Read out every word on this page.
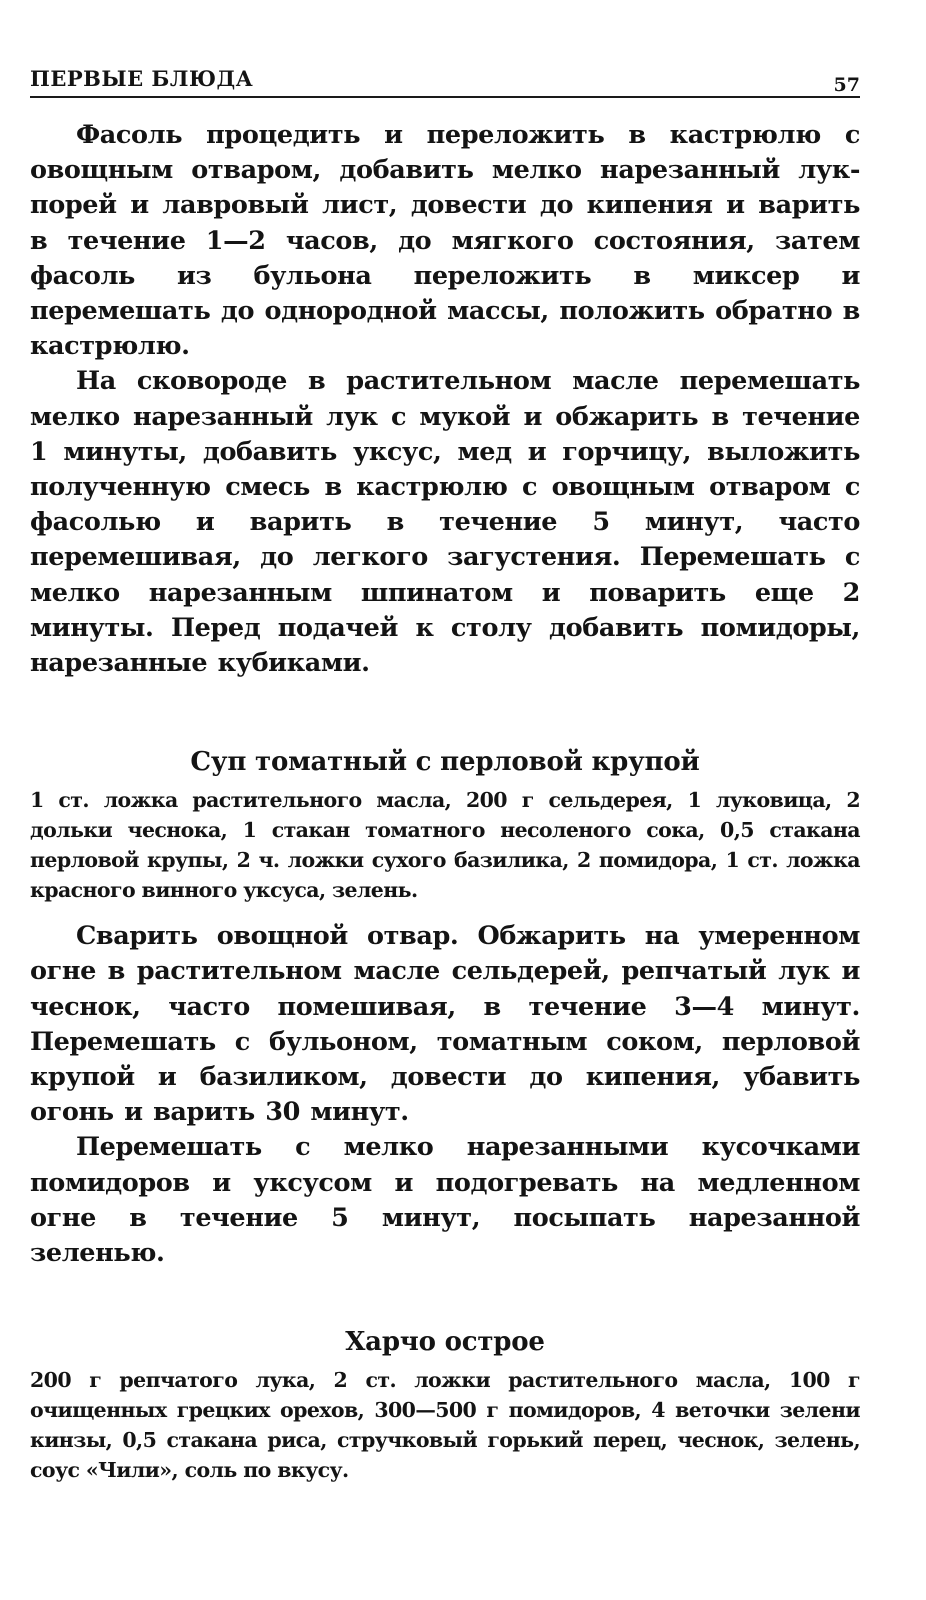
ПЕРВЫЕ БЛЮДА	57

Фасоль процедить и переложить в кастрюлю с овощным отваром, добавить мелко нарезанный лук-порей и лавровый лист, довести до кипения и варить в течение 1—2 часов, до мягкого состояния, затем фасоль из бульона переложить в миксер и перемешать до однородной массы, положить обратно в кастрюлю.

На сковороде в растительном масле перемешать мелко нарезанный лук с мукой и обжарить в течение 1 минуты, добавить уксус, мед и горчицу, выложить полученную смесь в кастрюлю с овощным отваром с фасолью и варить в течение 5 минут, часто перемешивая, до легкого загустения. Перемешать с мелко нарезанным шпинатом и поварить еще 2 минуты. Перед подачей к столу добавить помидоры, нарезанные кубиками.

Суп томатный с перловой крупой

1 ст. ложка растительного масла, 200 г сельдерея, 1 луковица, 2 дольки чеснока, 1 стакан томатного несоленого сока, 0,5 стакана перловой крупы, 2 ч. ложки сухого базилика, 2 помидора, 1 ст. ложка красного винного уксуса, зелень.

Сварить овощной отвар. Обжарить на умеренном огне в растительном масле сельдерей, репчатый лук и чеснок, часто помешивая, в течение 3—4 минут. Перемешать с бульоном, томатным соком, перловой крупой и базиликом, довести до кипения, убавить огонь и варить 30 минут.

Перемешать с мелко нарезанными кусочками помидоров и уксусом и подогревать на медленном огне в течение 5 минут, посыпать нарезанной зеленью.

Харчо острое

200 г репчатого лука, 2 ст. ложки растительного масла, 100 г очищенных грецких орехов, 300—500 г помидоров, 4 веточки зелени кинзы, 0,5 стакана риса, стручковый горький перец, чеснок, зелень, соус «Чили», соль по вкусу.
